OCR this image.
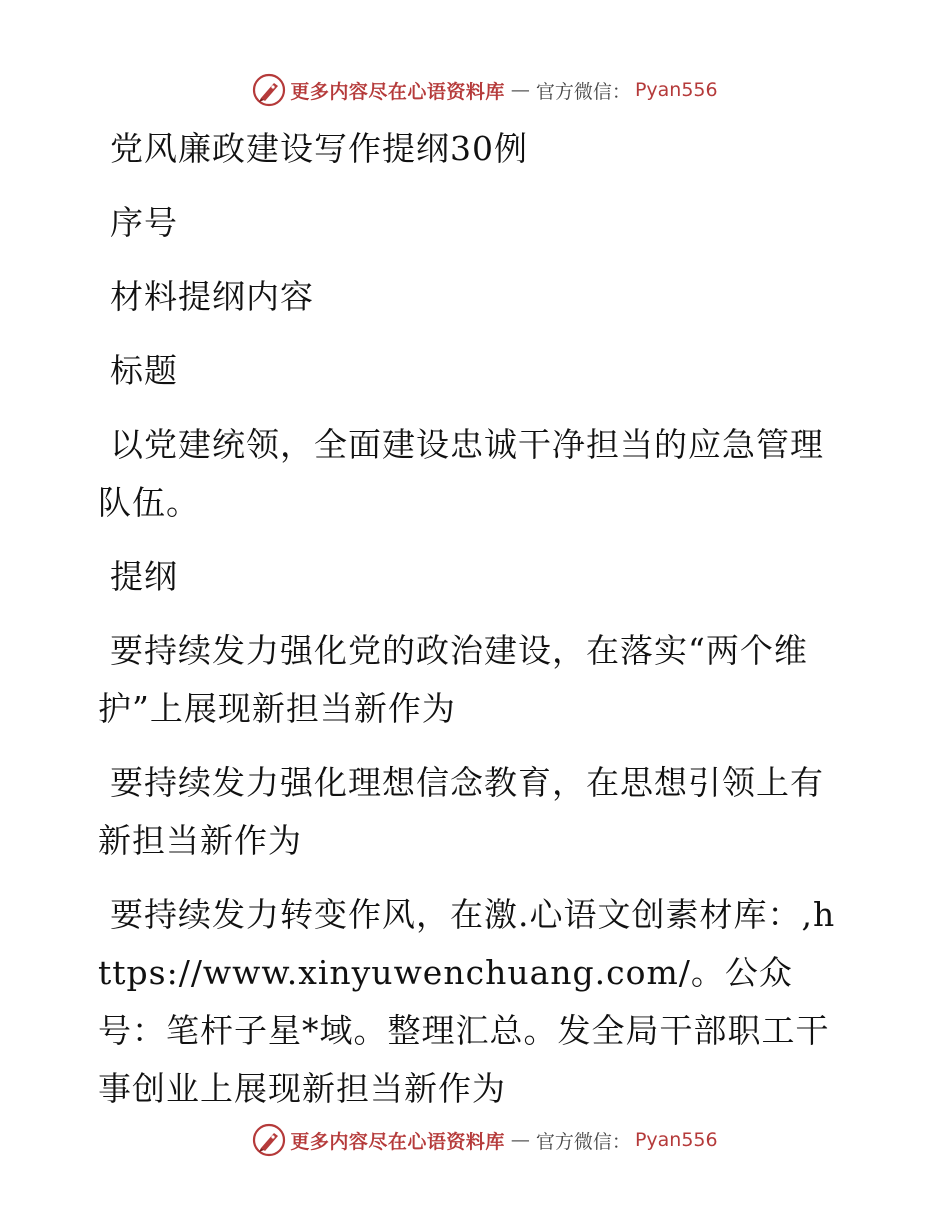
更多内容尽在心语资料库 — 官方微信： Pyan556

党风廉政建设写作提纲30例

序号

材料提纲内容

标题

以党建统领，全面建设忠诚干净担当的应急管理队伍。

提纲

要持续发力强化党的政治建设，在落实“两个维护”上展现新担当新作为

要持续发力强化理想信念教育，在思想引领上有新担当新作为

要持续发力转变作风，在激.心语文创素材库：,https://www.xinyuwenchuang.com/。公众号：笔杆子星*域。整理汇总。发全局干部职工干事创业上展现新担当新作为

更多内容尽在心语资料库 — 官方微信： Pyan556
